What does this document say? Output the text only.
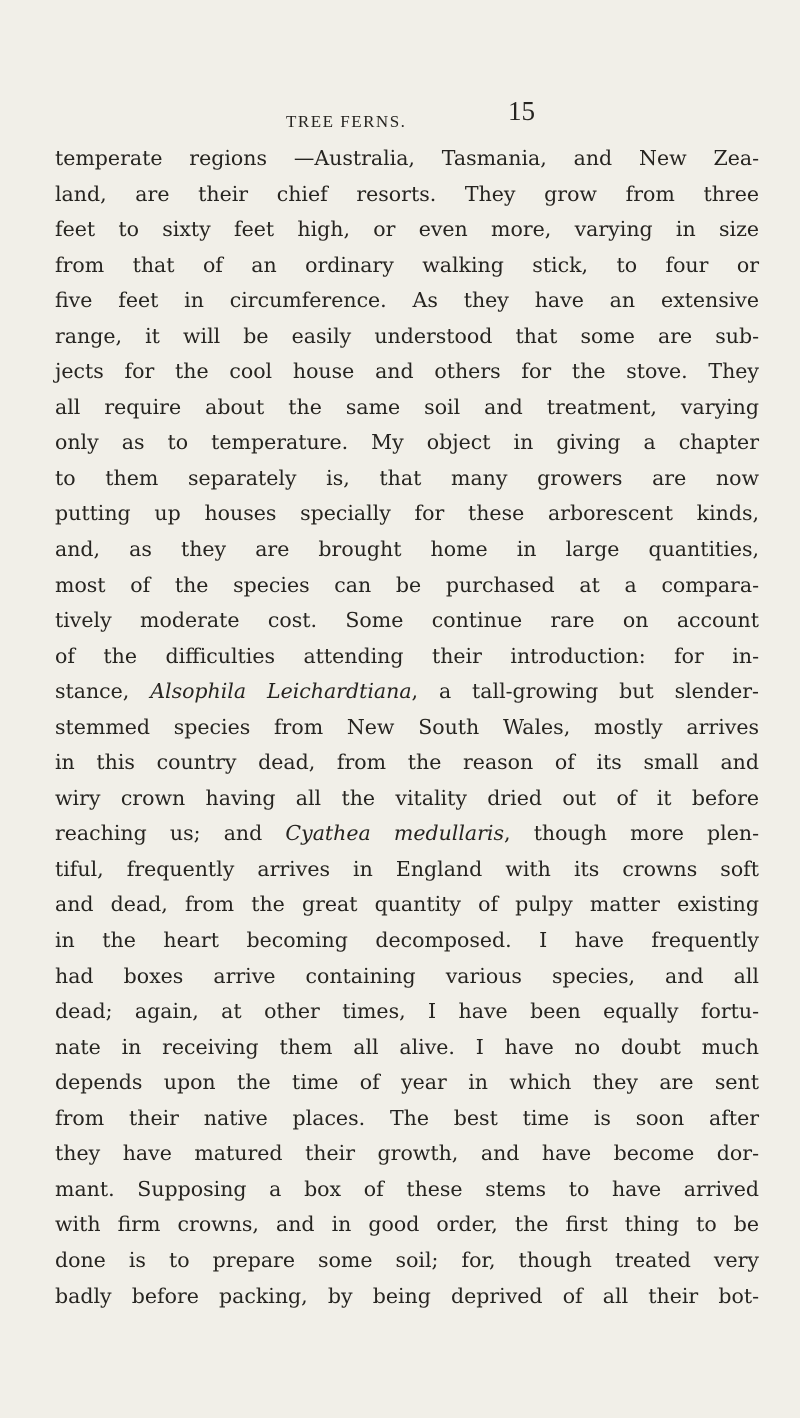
TREE FERNS.	15
temperate regions —Australia, Tasmania, and New Zea-
land, are their chief resorts. They grow from three
feet to sixty feet high, or even more, varying in size
from that of an ordinary walking stick, to four or
five feet in circumference. As they have an extensive
range, it will be easily understood that some are sub-
jects for the cool house and others for the stove. They
all require about the same soil and treatment, varying
only as to temperature. My object in giving a chapter
to them separately is, that many growers are now
putting up houses specially for these arborescent kinds,
and, as they are brought home in large quantities,
most of the species can be purchased at a compara-
tively moderate cost. Some continue rare on account
of the difficulties attending their introduction: for in-
stance, Alsophila Leichardtiana, a tall-growing but slender-
stemmed species from New South Wales, mostly arrives
in this country dead, from the reason of its small and
wiry crown having all the vitality dried out of it before
reaching us; and Cyathea medullaris, though more plen-
tiful, frequently arrives in England with its crowns soft
and dead, from the great quantity of pulpy matter existing
in the heart becoming decomposed. I have frequently
had boxes arrive containing various species, and all
dead; again, at other times, I have been equally fortu-
nate in receiving them all alive. I have no doubt much
depends upon the time of year in which they are sent
from their native places. The best time is soon after
they have matured their growth, and have become dor-
mant. Supposing a box of these stems to have arrived
with firm crowns, and in good order, the first thing to be
done is to prepare some soil; for, though treated very
badly before packing, by being deprived of all their bot-
